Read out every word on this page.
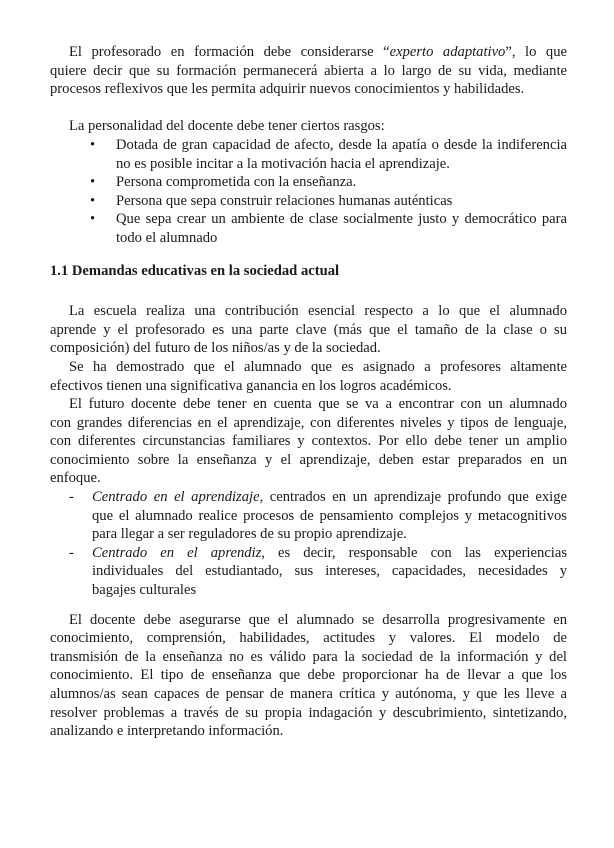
El profesorado en formación debe considerarse “experto adaptativo”, lo que
quiere decir que su formación permanecerá abierta a lo largo de su vida, mediante
procesos reflexivos que les permita adquirir nuevos conocimientos y habilidades.
La personalidad del docente debe tener ciertos rasgos:
• Dotada de gran capacidad de afecto, desde la apatía o desde la indiferencia
no es posible incitar a la motivación hacia el aprendizaje.
• Persona comprometida con la enseñanza.
• Persona que sepa construir relaciones humanas auténticas
• Que sepa crear un ambiente de clase socialmente justo y democrático para
todo el alumnado
1.1 Demandas educativas en la sociedad actual
La escuela realiza una contribución esencial respecto a lo que el alumnado
aprende y el profesorado es una parte clave (más que el tamaño de la clase o su
composición) del futuro de los niños/as y de la sociedad.
Se ha demostrado que el alumnado que es asignado a profesores altamente
efectivos tienen una significativa ganancia en los logros académicos.
El futuro docente debe tener en cuenta que se va a encontrar con un alumnado
con grandes diferencias en el aprendizaje, con diferentes niveles y tipos de lenguaje,
con diferentes circunstancias familiares y contextos. Por ello debe tener un amplio
conocimiento sobre la enseñanza y el aprendizaje, deben estar preparados en un
enfoque.
- Centrado en el aprendizaje, centrados en un aprendizaje profundo que exige
que el alumnado realice procesos de pensamiento complejos y metacognitivos
para llegar a ser reguladores de su propio aprendizaje.
- Centrado en el aprendiz, es decir, responsable con las experiencias
individuales del estudiantado, sus intereses, capacidades, necesidades y
bagajes culturales
El docente debe asegurarse que el alumnado se desarrolla progresivamente en
conocimiento, comprensión, habilidades, actitudes y valores. El modelo de
transmisión de la enseñanza no es válido para la sociedad de la información y del
conocimiento. El tipo de enseñanza que debe proporcionar ha de llevar a que los
alumnos/as sean capaces de pensar de manera crítica y autónoma, y que les lleve a
resolver problemas a través de su propia indagación y descubrimiento, sintetizando,
analizando e interpretando información.
